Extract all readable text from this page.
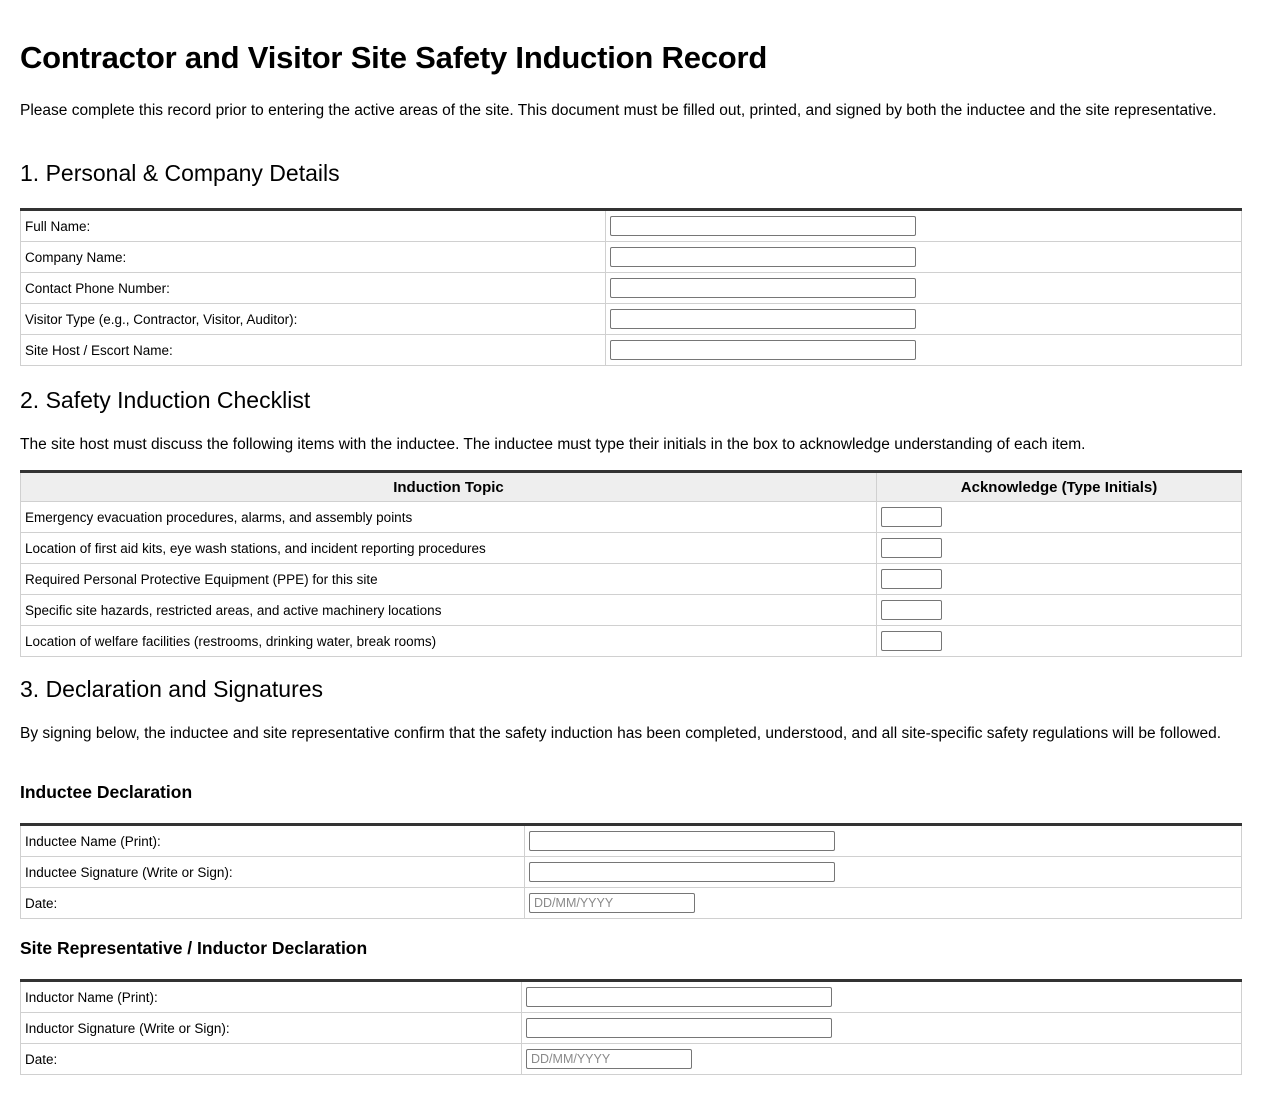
Contractor and Visitor Site Safety Induction Record

Please complete this record prior to entering the active areas of the site. This document must be filled out, printed, and signed by both the inductee and the site representative.

1. Personal & Company Details
Full Name:	

Company Name:	

Contact Phone Number:	

Visitor Type (e.g., Contractor, Visitor, Auditor):	

Site Host / Escort Name:	
2. Safety Induction Checklist

The site host must discuss the following items with the inductee. The inductee must type their initials in the box to acknowledge understanding of each item.

Induction Topic	Acknowledge (Type Initials)
Emergency evacuation procedures, alarms, and assembly points	

Location of first aid kits, eye wash stations, and incident reporting procedures	

Required Personal Protective Equipment (PPE) for this site	

Specific site hazards, restricted areas, and active machinery locations	

Location of welfare facilities (restrooms, drinking water, break rooms)	
3. Declaration and Signatures

By signing below, the inductee and site representative confirm that the safety induction has been completed, understood, and all site-specific safety regulations will be followed.

Inductee Declaration
Inductee Name (Print):	

Inductee Signature (Write or Sign):	

Date:	
DD/MM/YYYY
Site Representative / Inductor Declaration
Inductor Name (Print):	

Inductor Signature (Write or Sign):	

Date:	
DD/MM/YYYY
